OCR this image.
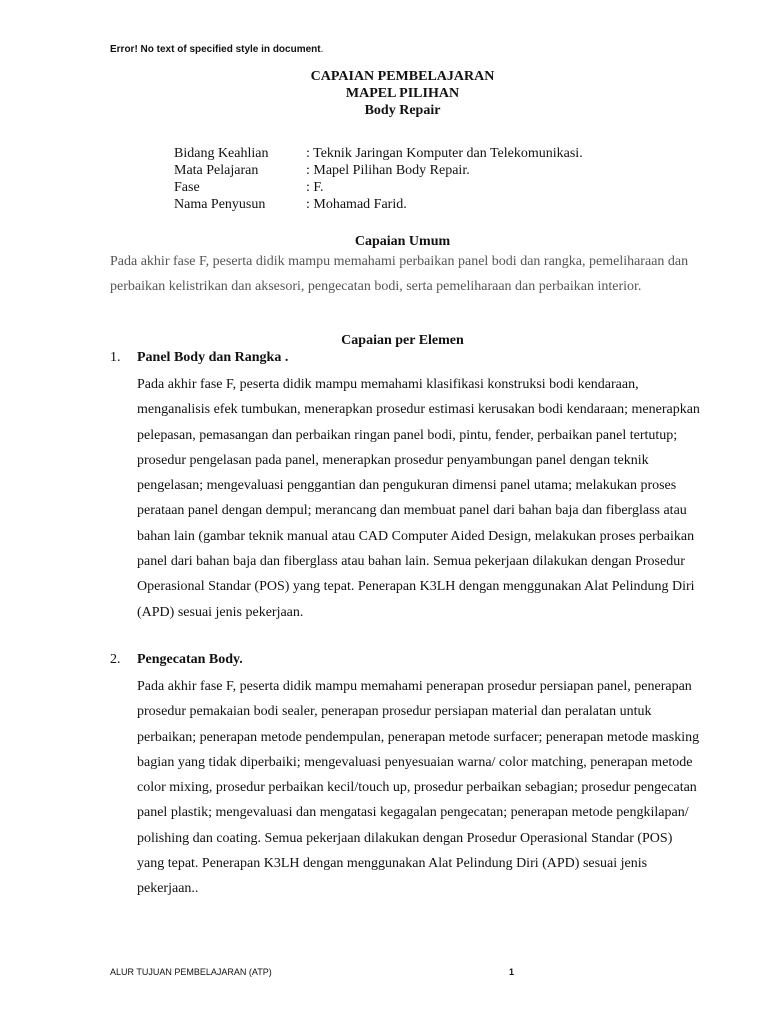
Error! No text of specified style in document.
CAPAIAN PEMBELAJARAN
MAPEL PILIHAN
Body Repair
Bidang Keahlian	: Teknik Jaringan Komputer dan Telekomunikasi.
Mata Pelajaran	: Mapel Pilihan Body Repair.
Fase	: F.
Nama Penyusun	: Mohamad Farid.
Capaian Umum
Pada akhir fase F, peserta didik mampu memahami perbaikan panel bodi dan rangka, pemeliharaan dan perbaikan kelistrikan dan aksesori, pengecatan bodi, serta pemeliharaan dan perbaikan interior.
Capaian per Elemen
1.	Panel Body dan Rangka .
Pada akhir fase F, peserta didik mampu memahami klasifikasi konstruksi bodi kendaraan, menganalisis efek tumbukan, menerapkan prosedur estimasi kerusakan bodi kendaraan; menerapkan pelepasan, pemasangan dan perbaikan ringan panel bodi, pintu, fender, perbaikan panel tertutup; prosedur pengelasan pada panel, menerapkan prosedur penyambungan panel dengan teknik pengelasan; mengevaluasi penggantian dan pengukuran dimensi panel utama; melakukan proses perataan panel dengan dempul; merancang dan membuat panel dari bahan baja dan fiberglass atau bahan lain (gambar teknik manual atau CAD Computer Aided Design, melakukan proses perbaikan panel dari bahan baja dan fiberglass atau bahan lain. Semua pekerjaan dilakukan dengan Prosedur Operasional Standar (POS) yang tepat. Penerapan K3LH dengan menggunakan Alat Pelindung Diri (APD) sesuai jenis pekerjaan.
2.	Pengecatan Body.
Pada akhir fase F, peserta didik mampu memahami penerapan prosedur persiapan panel, penerapan prosedur pemakaian bodi sealer, penerapan prosedur persiapan material dan peralatan untuk perbaikan; penerapan metode pendempulan, penerapan metode surfacer; penerapan metode masking bagian yang tidak diperbaiki; mengevaluasi penyesuaian warna/ color matching, penerapan metode color mixing, prosedur perbaikan kecil/touch up, prosedur perbaikan sebagian; prosedur pengecatan panel plastik; mengevaluasi dan mengatasi kegagalan pengecatan; penerapan metode pengkilapan/ polishing dan coating. Semua pekerjaan dilakukan dengan Prosedur Operasional Standar (POS) yang tepat. Penerapan K3LH dengan menggunakan Alat Pelindung Diri (APD) sesuai jenis pekerjaan..
ALUR TUJUAN PEMBELAJARAN (ATP)	1
